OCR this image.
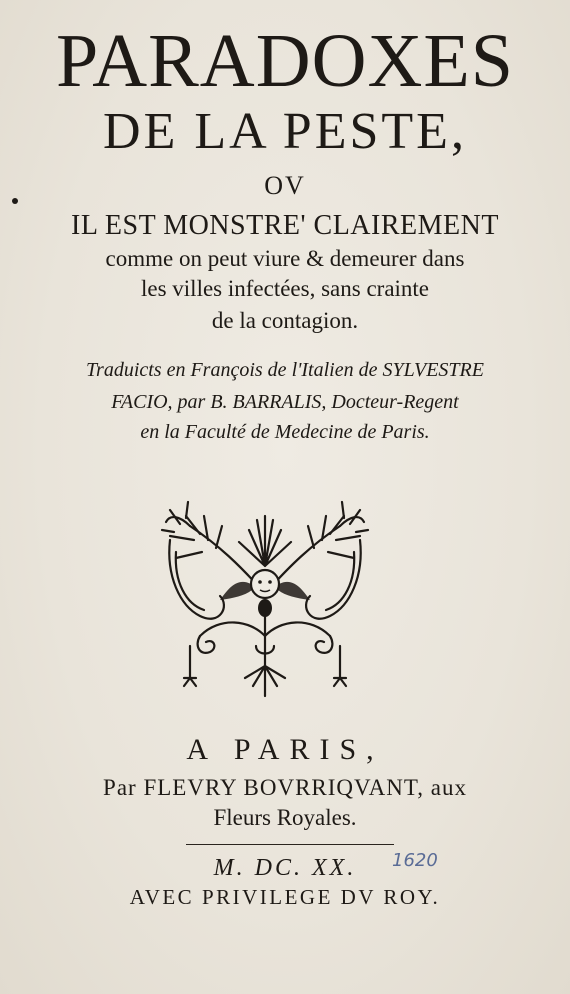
PARADOXES
DE LA PESTE,
OV
IL EST MONSTRE' CLAIREMENT
comme on peut viure & demeurer dans
les villes infectées, sans crainte
de la contagion.
Traduicts en François de l'Italien de SYLVESTRE
FACIO, par B. BARRALIS, Docteur-Regent
en la Faculté de Medecine de Paris.
A PARIS,
Par FLEVRY BOVRRIQVANT, aux
Fleurs Royales.
M. DC. XX.	1620
AVEC PRIVILEGE DV ROY.
